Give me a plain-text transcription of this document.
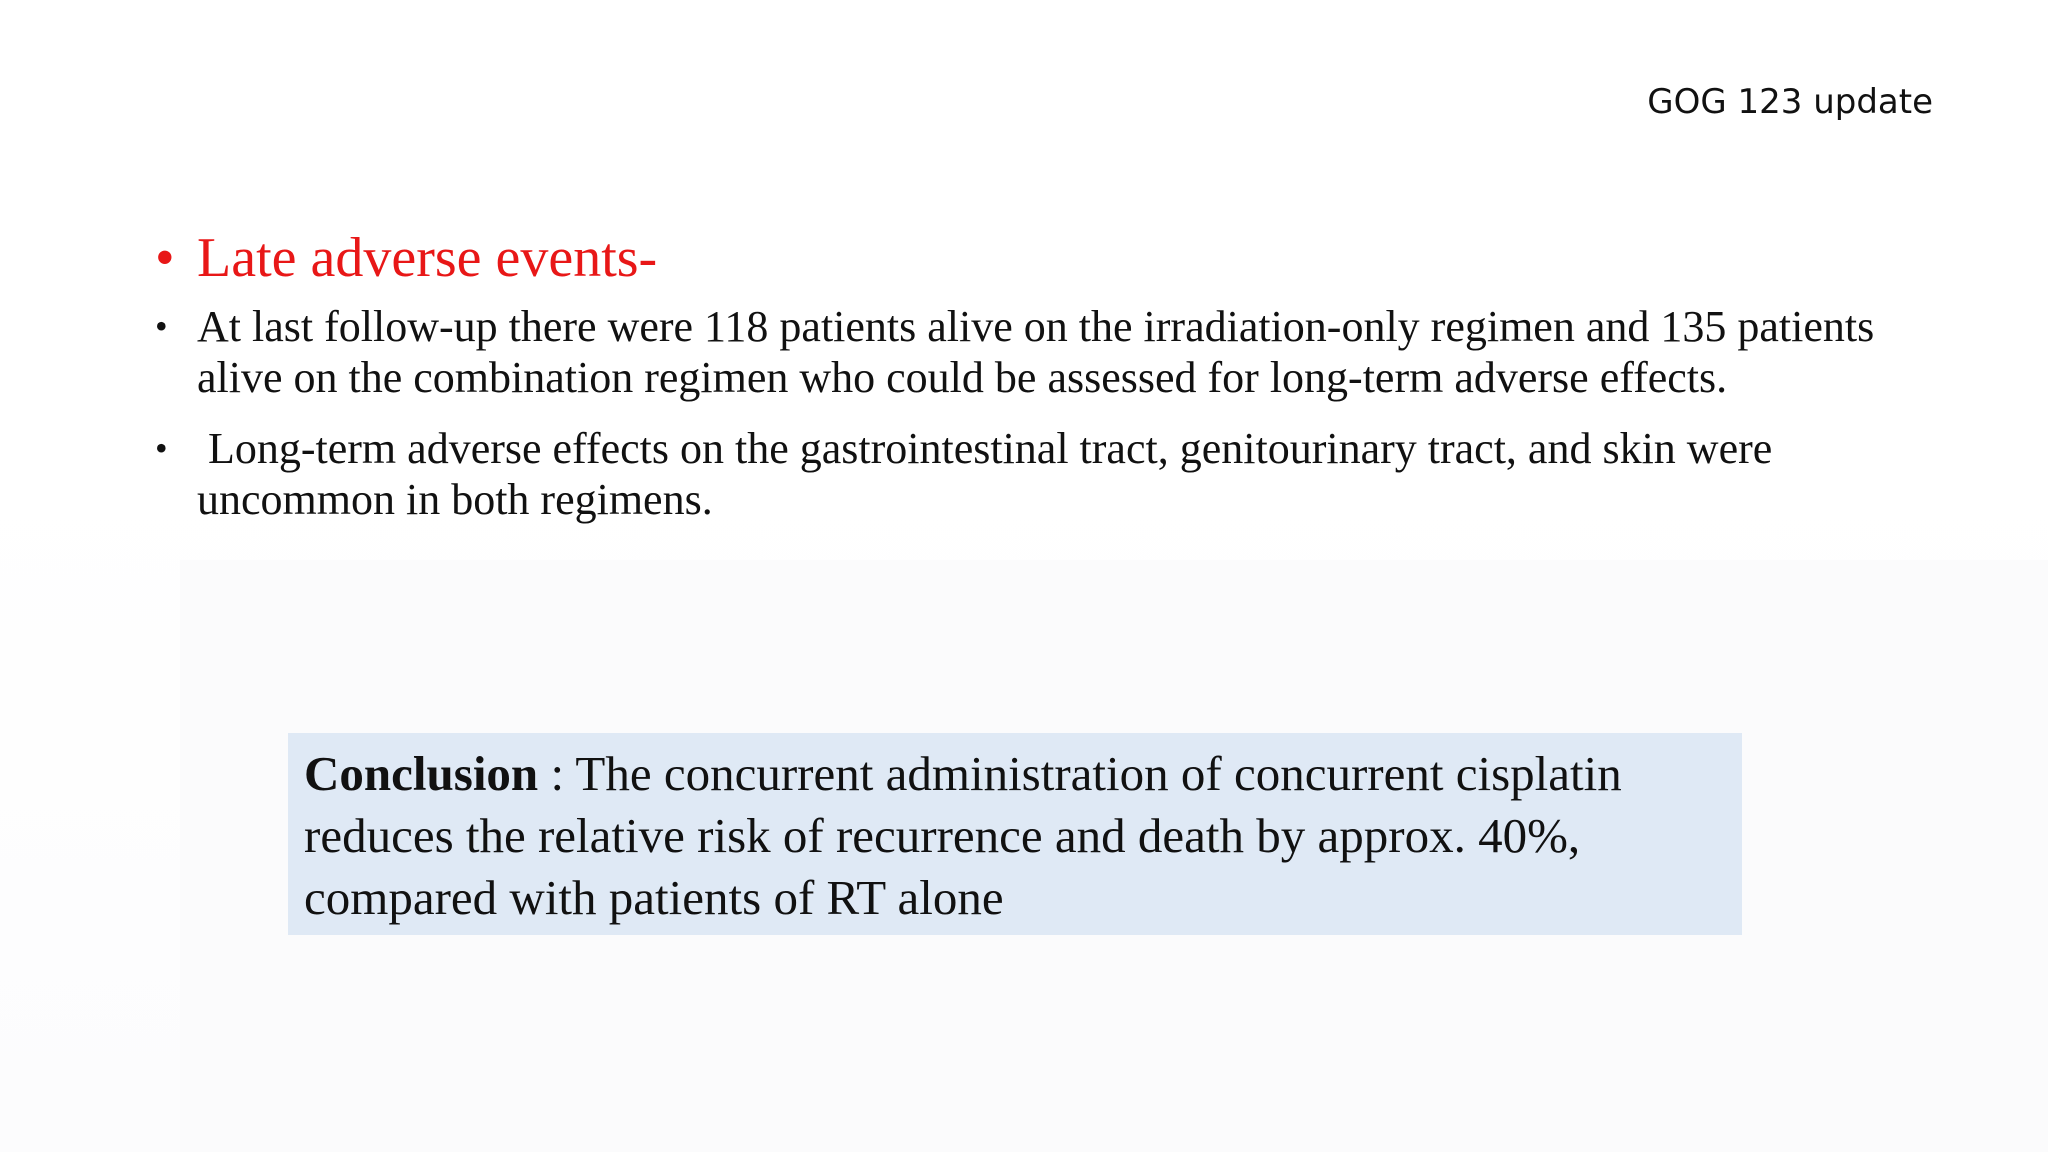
GOG 123 update
• Late adverse events-
• At last follow-up there were 118 patients alive on the irradiation-only regimen and 135 patients alive on the combination regimen who could be assessed for long-term adverse effects.
• Long-term adverse effects on the gastrointestinal tract, genitourinary tract, and skin were uncommon in both regimens.
Conclusion : The concurrent administration of concurrent cisplatin reduces the relative risk of recurrence and death by approx. 40%, compared with patients of RT alone
